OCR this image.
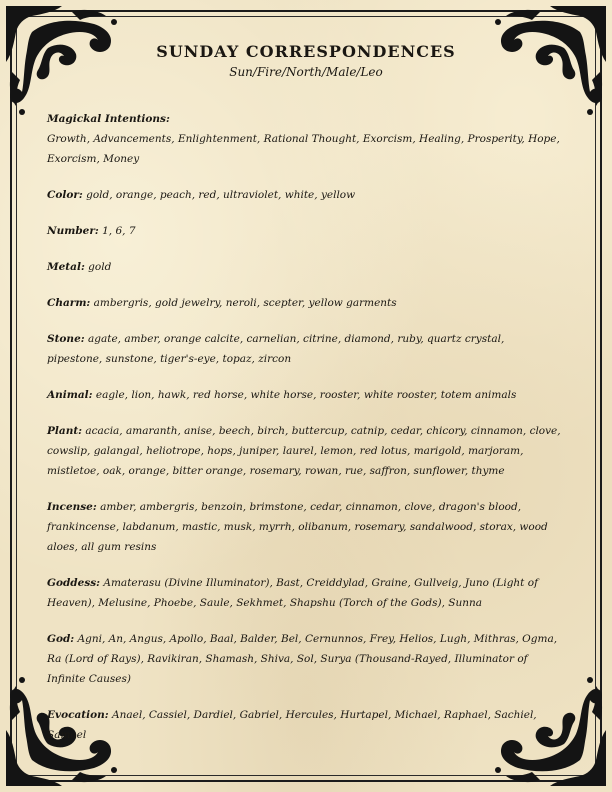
SUNDAY CORRESPONDENCES
Sun/Fire/North/Male/Leo
Magickal Intentions:
Growth, Advancements, Enlightenment, Rational Thought, Exorcism, Healing, Prosperity, Hope, Exorcism, Money
Color: gold, orange, peach, red, ultraviolet, white, yellow
Number: 1, 6, 7
Metal: gold
Charm: ambergris, gold jewelry, neroli, scepter, yellow garments
Stone: agate, amber, orange calcite, carnelian, citrine, diamond, ruby, quartz crystal, pipestone, sunstone, tiger's-eye, topaz, zircon
Animal: eagle, lion, hawk, red horse, white horse, rooster, white rooster, totem animals
Plant: acacia, amaranth, anise, beech, birch, buttercup, catnip, cedar, chicory, cinnamon, clove, cowslip, galangal, heliotrope, hops, juniper, laurel, lemon, red lotus, marigold, marjoram, mistletoe, oak, orange, bitter orange, rosemary, rowan, rue, saffron, sunflower, thyme
Incense: amber, ambergris, benzoin, brimstone, cedar, cinnamon, clove, dragon's blood, frankincense, labdanum, mastic, musk, myrrh, olibanum, rosemary, sandalwood, storax, wood aloes, all gum resins
Goddess: Amaterasu (Divine Illuminator), Bast, Creiddylad, Graine, Gullveig, Juno (Light of Heaven), Melusine, Phoebe, Saule, Sekhmet, Shapshu (Torch of the Gods), Sunna
God: Agni, An, Angus, Apollo, Baal, Balder, Bel, Cernunnos, Frey, Helios, Lugh, Mithras, Ogma, Ra (Lord of Rays), Ravikiran, Shamash, Shiva, Sol, Surya (Thousand-Rayed, Illuminator of Infinite Causes)
Evocation: Anael, Cassiel, Dardiel, Gabriel, Hercules, Hurtapel, Michael, Raphael, Sachiel, Samael
